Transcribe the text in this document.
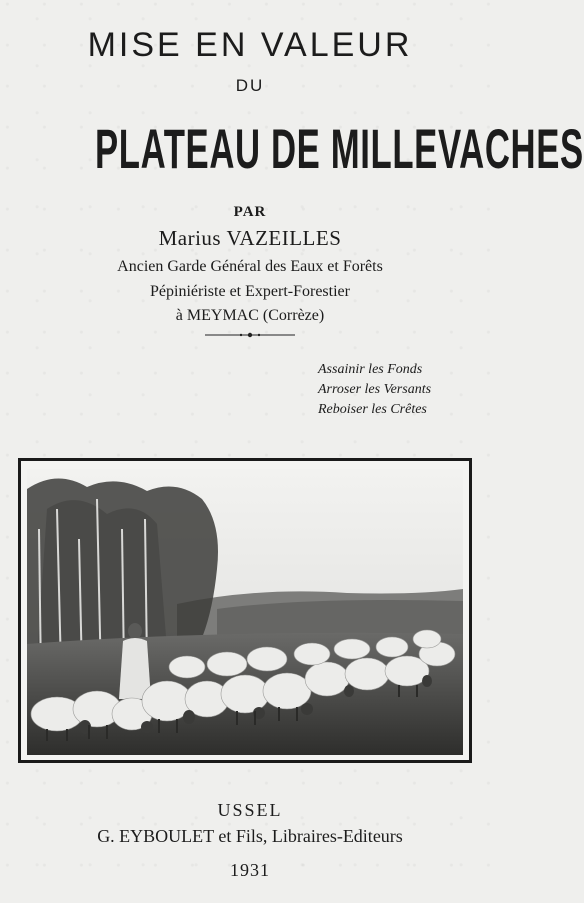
MISE EN VALEUR
DU
PLATEAU DE MILLEVACHES
PAR
Marius VAZEILLES
Ancien Garde Général des Eaux et Forêts
Pépiniériste et Expert-Forestier
à MEYMAC (Corrèze)
Assainir les Fonds
Arroser les Versants
Reboiser les Crêtes
USSEL
G. EYBOULET et Fils, Libraires-Editeurs
1931
